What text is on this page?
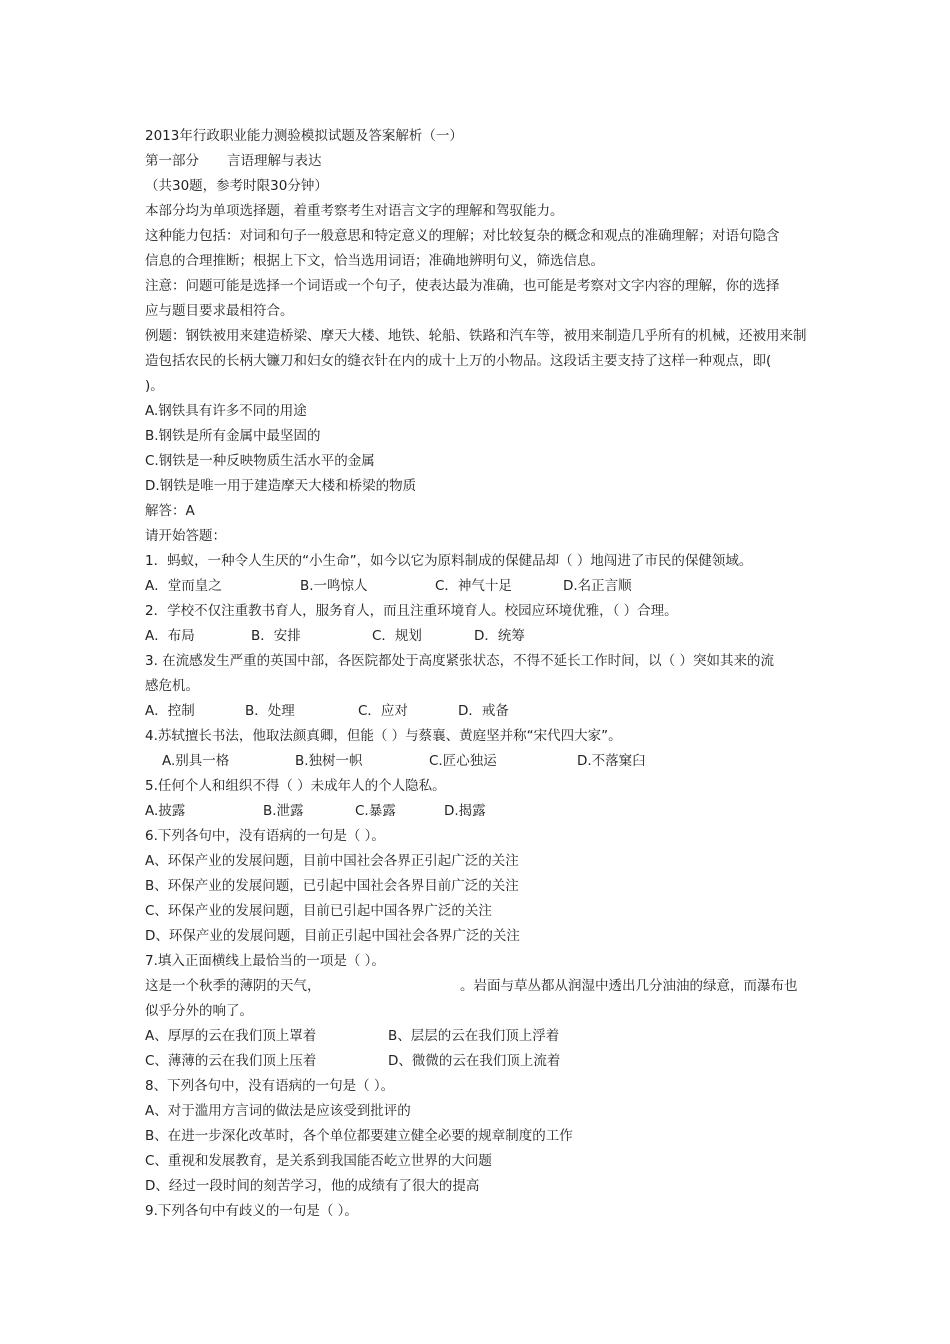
2013年行政职业能力测验模拟试题及答案解析（一）
第一部分 言语理解与表达
（共30题，参考时限30分钟）
本部分均为单项选择题，着重考察考生对语言文字的理解和驾驭能力。
这种能力包括：对词和句子一般意思和特定意义的理解；对比较复杂的概念和观点的准确理解；对语句隐含
信息的合理推断；根据上下文，恰当选用词语；准确地辨明句义，筛选信息。
注意：问题可能是选择一个词语或一个句子，使表达最为准确，也可能是考察对文字内容的理解，你的选择
应与题目要求最相符合。
例题：钢铁被用来建造桥梁、摩天大楼、地铁、轮船、铁路和汽车等，被用来制造几乎所有的机械，还被用来制
造包括农民的长柄大镰刀和妇女的缝衣针在内的成十上万的小物品。这段话主要支持了这样一种观点，即(
)。
A.钢铁具有许多不同的用途
B.钢铁是所有金属中最坚固的
C.钢铁是一种反映物质生活水平的金属
D.钢铁是唯一用于建造摩天大楼和桥梁的物质
解答：A
请开始答题：
1．蚂蚁，一种令人生厌的“小生命”，如今以它为原料制成的保健品却（ ）地闯进了市民的保健领域。
A．堂而皇之	B.一鸣惊人	C．神气十足	D.名正言顺
2．学校不仅注重教书育人，服务育人，而且注重环境育人。校园应环境优雅，（ ）合理。
A．布局	B．安排	C．规划	D．统筹
3. 在流感发生严重的英国中部，各医院都处于高度紧张状态，不得不延长工作时间，以（ ）突如其来的流
感危机。
A．控制	B．处理	C．应对	D．戒备
4.苏轼擅长书法，他取法颜真卿，但能（ ）与蔡襄、黄庭坚并称“宋代四大家”。
A.别具一格	B.独树一帜	C.匠心独运	D.不落窠臼
5.任何个人和组织不得（ ）未成年人的个人隐私。
A.披露	B.泄露	C.暴露	D.揭露
6.下列各句中，没有语病的一句是（ ）。
A、环保产业的发展问题，目前中国社会各界正引起广泛的关注
B、环保产业的发展问题，已引起中国社会各界目前广泛的关注
C、环保产业的发展问题，目前已引起中国各界广泛的关注
D、环保产业的发展问题，目前正引起中国社会各界广泛的关注
7.填入正面横线上最恰当的一项是（ ）。
这是一个秋季的薄阴的天气，	。岩面与草丛都从润湿中透出几分油油的绿意，而瀑布也
似乎分外的响了。
A、厚厚的云在我们顶上罩着	B、层层的云在我们顶上浮着
C、薄薄的云在我们顶上压着	D、微微的云在我们顶上流着
8、下列各句中，没有语病的一句是（ ）。
A、对于滥用方言词的做法是应该受到批评的
B、在进一步深化改革时，各个单位都要建立健全必要的规章制度的工作
C、重视和发展教育，是关系到我国能否屹立世界的大问题
D、经过一段时间的刻苦学习，他的成绩有了很大的提高
9.下列各句中有歧义的一句是（ ）。
